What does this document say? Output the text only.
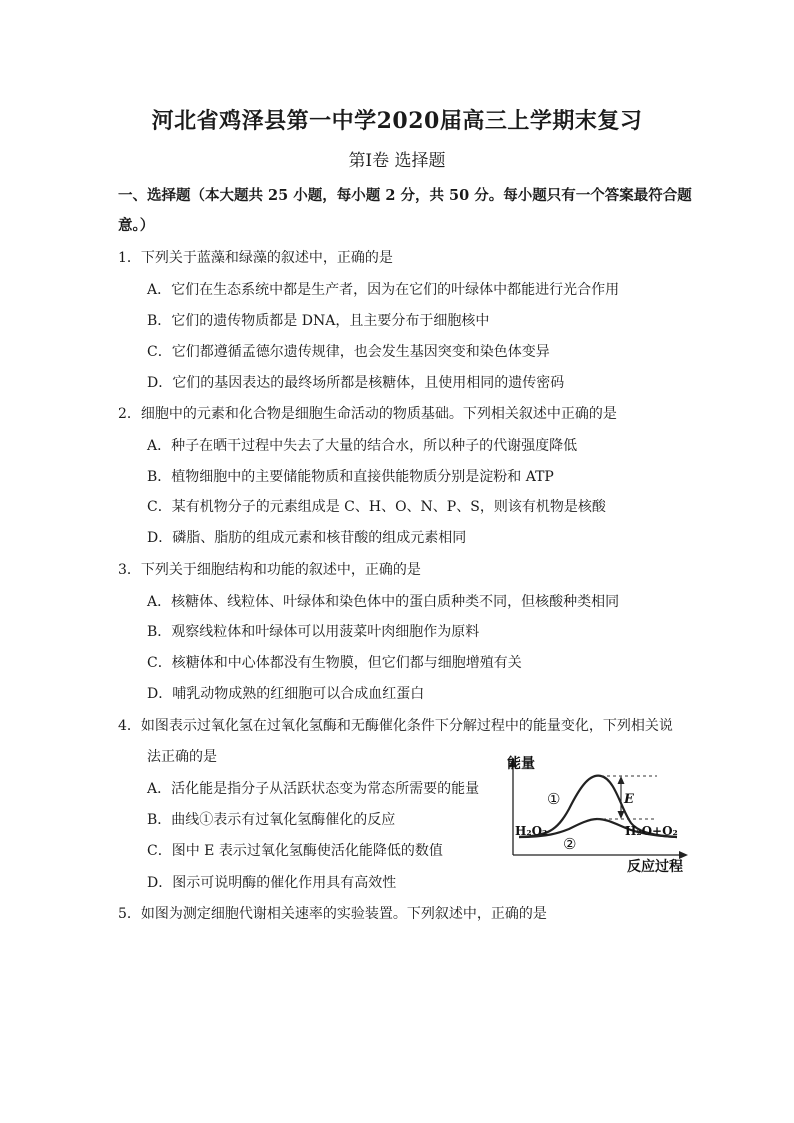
河北省鸡泽县第一中学2020届高三上学期末复习
第Ⅰ卷 选择题
一、选择题（本大题共 25 小题，每小题 2 分，共 50 分。每小题只有一个答案最符合题
意。）
1．下列关于蓝藻和绿藻的叙述中，正确的是
A．它们在生态系统中都是生产者，因为在它们的叶绿体中都能进行光合作用
B．它们的遗传物质都是 DNA，且主要分布于细胞核中
C．它们都遵循孟德尔遗传规律，也会发生基因突变和染色体变异
D．它们的基因表达的最终场所都是核糖体，且使用相同的遗传密码
2．细胞中的元素和化合物是细胞生命活动的物质基础。下列相关叙述中正确的是
A．种子在晒干过程中失去了大量的结合水，所以种子的代谢强度降低
B．植物细胞中的主要储能物质和直接供能物质分别是淀粉和 ATP
C．某有机物分子的元素组成是 C、H、O、N、P、S，则该有机物是核酸
D．磷脂、脂肪的组成元素和核苷酸的组成元素相同
3．下列关于细胞结构和功能的叙述中，正确的是
A．核糖体、线粒体、叶绿体和染色体中的蛋白质种类不同，但核酸种类相同
B．观察线粒体和叶绿体可以用菠菜叶肉细胞作为原料
C．核糖体和中心体都没有生物膜，但它们都与细胞增殖有关
D．哺乳动物成熟的红细胞可以合成血红蛋白
4．如图表示过氧化氢在过氧化氢酶和无酶催化条件下分解过程中的能量变化，下列相关说
法正确的是
A．活化能是指分子从活跃状态变为常态所需要的能量
B．曲线①表示有过氧化氢酶催化的反应
C．图中 E 表示过氧化氢酶使活化能降低的数值
D．图示可说明酶的催化作用具有高效性
5．如图为测定细胞代谢相关速率的实验装置。下列叙述中，正确的是
能量
反应过程
①
②
E
H₂O₂	H₂O+O₂
